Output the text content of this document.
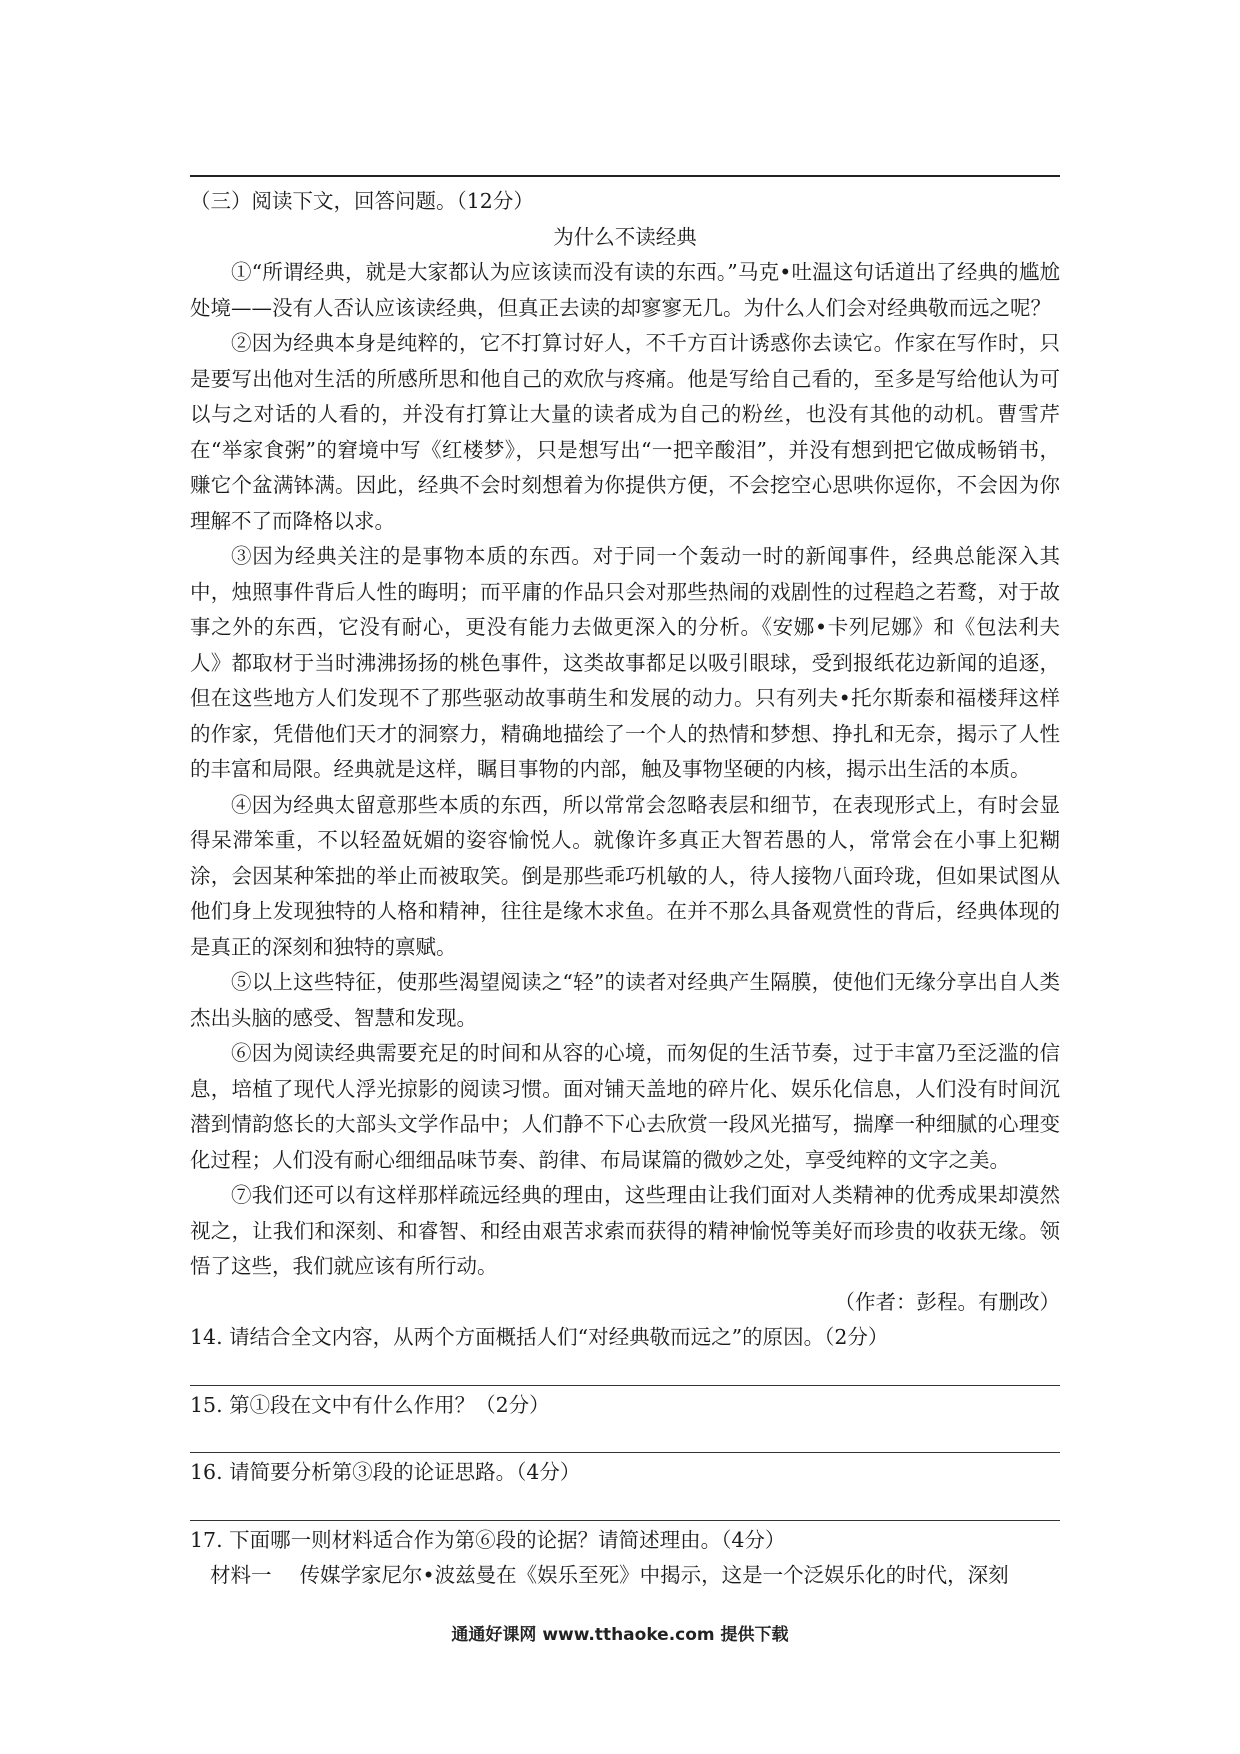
（三）阅读下文，回答问题。（12分）

为什么不读经典

①“所谓经典，就是大家都认为应该读而没有读的东西。”马克•吐温这句话道出了经典的尴尬处境——没有人否认应该读经典，但真正去读的却寥寥无几。为什么人们会对经典敬而远之呢？

②因为经典本身是纯粹的，它不打算讨好人，不千方百计诱惑你去读它。作家在写作时，只是要写出他对生活的所感所思和他自己的欢欣与疼痛。他是写给自己看的，至多是写给他认为可以与之对话的人看的，并没有打算让大量的读者成为自己的粉丝，也没有其他的动机。曹雪芹在“举家食粥”的窘境中写《红楼梦》，只是想写出“一把辛酸泪”，并没有想到把它做成畅销书，赚它个盆满钵满。因此，经典不会时刻想着为你提供方便，不会挖空心思哄你逗你，不会因为你理解不了而降格以求。

③因为经典关注的是事物本质的东西。对于同一个轰动一时的新闻事件，经典总能深入其中，烛照事件背后人性的晦明；而平庸的作品只会对那些热闹的戏剧性的过程趋之若鹜，对于故事之外的东西，它没有耐心，更没有能力去做更深入的分析。《安娜•卡列尼娜》和《包法利夫人》都取材于当时沸沸扬扬的桃色事件，这类故事都足以吸引眼球，受到报纸花边新闻的追逐，但在这些地方人们发现不了那些驱动故事萌生和发展的动力。只有列夫•托尔斯泰和福楼拜这样的作家，凭借他们天才的洞察力，精确地描绘了一个人的热情和梦想、挣扎和无奈，揭示了人性的丰富和局限。经典就是这样，瞩目事物的内部，触及事物坚硬的内核，揭示出生活的本质。

④因为经典太留意那些本质的东西，所以常常会忽略表层和细节，在表现形式上，有时会显得呆滞笨重，不以轻盈妩媚的姿容愉悦人。就像许多真正大智若愚的人，常常会在小事上犯糊涂，会因某种笨拙的举止而被取笑。倒是那些乖巧机敏的人，待人接物八面玲珑，但如果试图从他们身上发现独特的人格和精神，往往是缘木求鱼。在并不那么具备观赏性的背后，经典体现的是真正的深刻和独特的禀赋。

⑤以上这些特征，使那些渴望阅读之“轻”的读者对经典产生隔膜，使他们无缘分享出自人类杰出头脑的感受、智慧和发现。

⑥因为阅读经典需要充足的时间和从容的心境，而匆促的生活节奏，过于丰富乃至泛滥的信息，培植了现代人浮光掠影的阅读习惯。面对铺天盖地的碎片化、娱乐化信息，人们没有时间沉潜到情韵悠长的大部头文学作品中；人们静不下心去欣赏一段风光描写，揣摩一种细腻的心理变化过程；人们没有耐心细细品味节奏、韵律、布局谋篇的微妙之处，享受纯粹的文字之美。

⑦我们还可以有这样那样疏远经典的理由，这些理由让我们面对人类精神的优秀成果却漠然视之，让我们和深刻、和睿智、和经由艰苦求索而获得的精神愉悦等美好而珍贵的收获无缘。领悟了这些，我们就应该有所行动。

（作者：彭程。有删改）

14. 请结合全文内容，从两个方面概括人们“对经典敬而远之”的原因。（2分）

15. 第①段在文中有什么作用？（2分）

16. 请简要分析第③段的论证思路。（4分）

17. 下面哪一则材料适合作为第⑥段的论据？请简述理由。（4分）

材料一 传媒学家尼尔•波兹曼在《娱乐至死》中揭示，这是一个泛娱乐化的时代，深刻

通通好课网 www.tthaoke.com 提供下载
